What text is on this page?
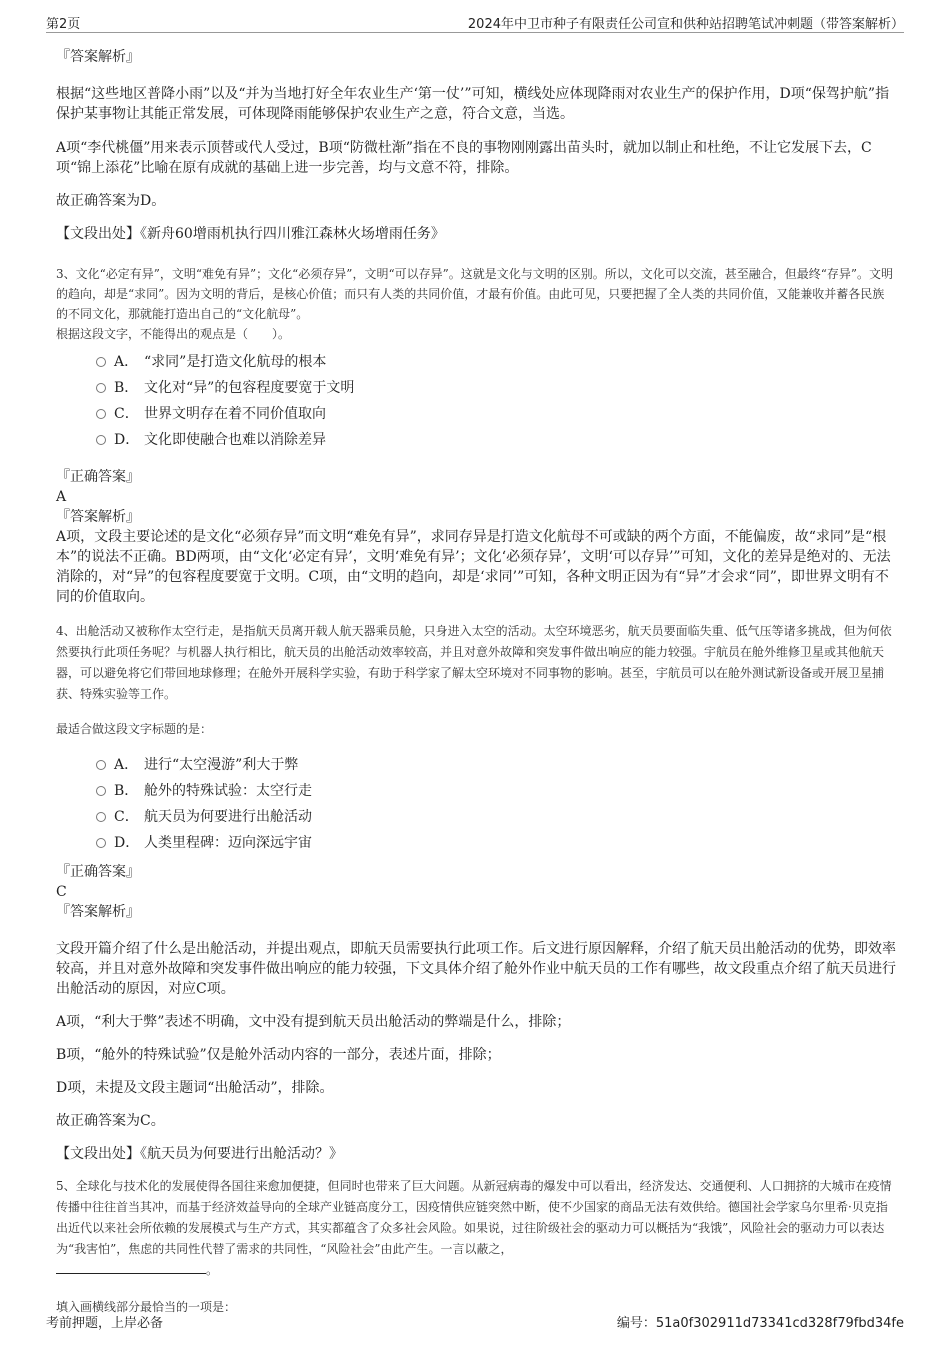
第2页	2024年中卫市种子有限责任公司宣和供种站招聘笔试冲刺题（带答案解析）

『答案解析』

根据“这些地区普降小雨”以及“并为当地打好全年农业生产‘第一仗’”可知，横线处应体现降雨对农业生产的保护作用，D项“保驾护航”指保护某事物让其能正常发展，可体现降雨能够保护农业生产之意，符合文意，当选。

A项“李代桃僵”用来表示顶替或代人受过，B项“防微杜渐”指在不良的事物刚刚露出苗头时，就加以制止和杜绝，不让它发展下去，C项“锦上添花”比喻在原有成就的基础上进一步完善，均与文意不符，排除。

故正确答案为D。

【文段出处】《新舟60增雨机执行四川雅江森林火场增雨任务》

3、文化“必定有异”，文明“难免有异”；文化“必须存异”，文明“可以存异”。这就是文化与文明的区别。所以，文化可以交流，甚至融合，但最终“存异”。文明的趋向，却是“求同”。因为文明的背后，是核心价值；而只有人类的共同价值，才最有价值。由此可见，只要把握了全人类的共同价值，又能兼收并蓄各民族的不同文化，那就能打造出自己的“文化航母”。

根据这段文字，不能得出的观点是（　　）。

A． “求同”是打造文化航母的根本
B． 文化对“异”的包容程度要宽于文明
C． 世界文明存在着不同价值取向
D． 文化即使融合也难以消除差异

『正确答案』

A

『答案解析』

A项，文段主要论述的是文化“必须存异”而文明“难免有异”，求同存异是打造文化航母不可或缺的两个方面，不能偏废，故“求同”是“根本”的说法不正确。BD两项，由“文化‘必定有异’，文明‘难免有异’；文化‘必须存异’，文明‘可以存异’”可知，文化的差异是绝对的、无法消除的，对“异”的包容程度要宽于文明。C项，由“文明的趋向，却是‘求同’”可知，各种文明正因为有“异”才会求“同”，即世界文明有不同的价值取向。

4、出舱活动又被称作太空行走，是指航天员离开载人航天器乘员舱，只身进入太空的活动。太空环境恶劣，航天员要面临失重、低气压等诸多挑战，但为何依然要执行此项任务呢？与机器人执行相比，航天员的出舱活动效率较高，并且对意外故障和突发事件做出响应的能力较强。宇航员在舱外维修卫星或其他航天器，可以避免将它们带回地球修理；在舱外开展科学实验，有助于科学家了解太空环境对不同事物的影响。甚至，宇航员可以在舱外测试新设备或开展卫星捕获、特殊实验等工作。

最适合做这段文字标题的是：

A． 进行“太空漫游”利大于弊
B． 舱外的特殊试验：太空行走
C． 航天员为何要进行出舱活动
D． 人类里程碑：迈向深远宇宙

『正确答案』

C

『答案解析』

文段开篇介绍了什么是出舱活动，并提出观点，即航天员需要执行此项工作。后文进行原因解释，介绍了航天员出舱活动的优势，即效率较高，并且对意外故障和突发事件做出响应的能力较强，下文具体介绍了舱外作业中航天员的工作有哪些，故文段重点介绍了航天员进行出舱活动的原因，对应C项。

A项，“利大于弊”表述不明确，文中没有提到航天员出舱活动的弊端是什么，排除；

B项，“舱外的特殊试验”仅是舱外活动内容的一部分，表述片面，排除；

D项，未提及文段主题词“出舱活动”，排除。

故正确答案为C。

【文段出处】《航天员为何要进行出舱活动？》

5、全球化与技术化的发展使得各国往来愈加便捷，但同时也带来了巨大问题。从新冠病毒的爆发中可以看出，经济发达、交通便利、人口拥挤的大城市在疫情传播中往往首当其冲，而基于经济效益导向的全球产业链高度分工，因疫情供应链突然中断，使不少国家的商品无法有效供给。德国社会学家乌尔里希·贝克指出近代以来社会所依赖的发展模式与生产方式，其实都蕴含了众多社会风险。如果说，过往阶级社会的驱动力可以概括为“我饿”，风险社会的驱动力可以表达为“我害怕”，焦虑的共同性代替了需求的共同性，“风险社会”由此产生。一言以蔽之，
。

填入画横线部分最恰当的一项是：

考前押题，上岸必备	编号：51a0f302911d73341cd328f79fbd34fe
